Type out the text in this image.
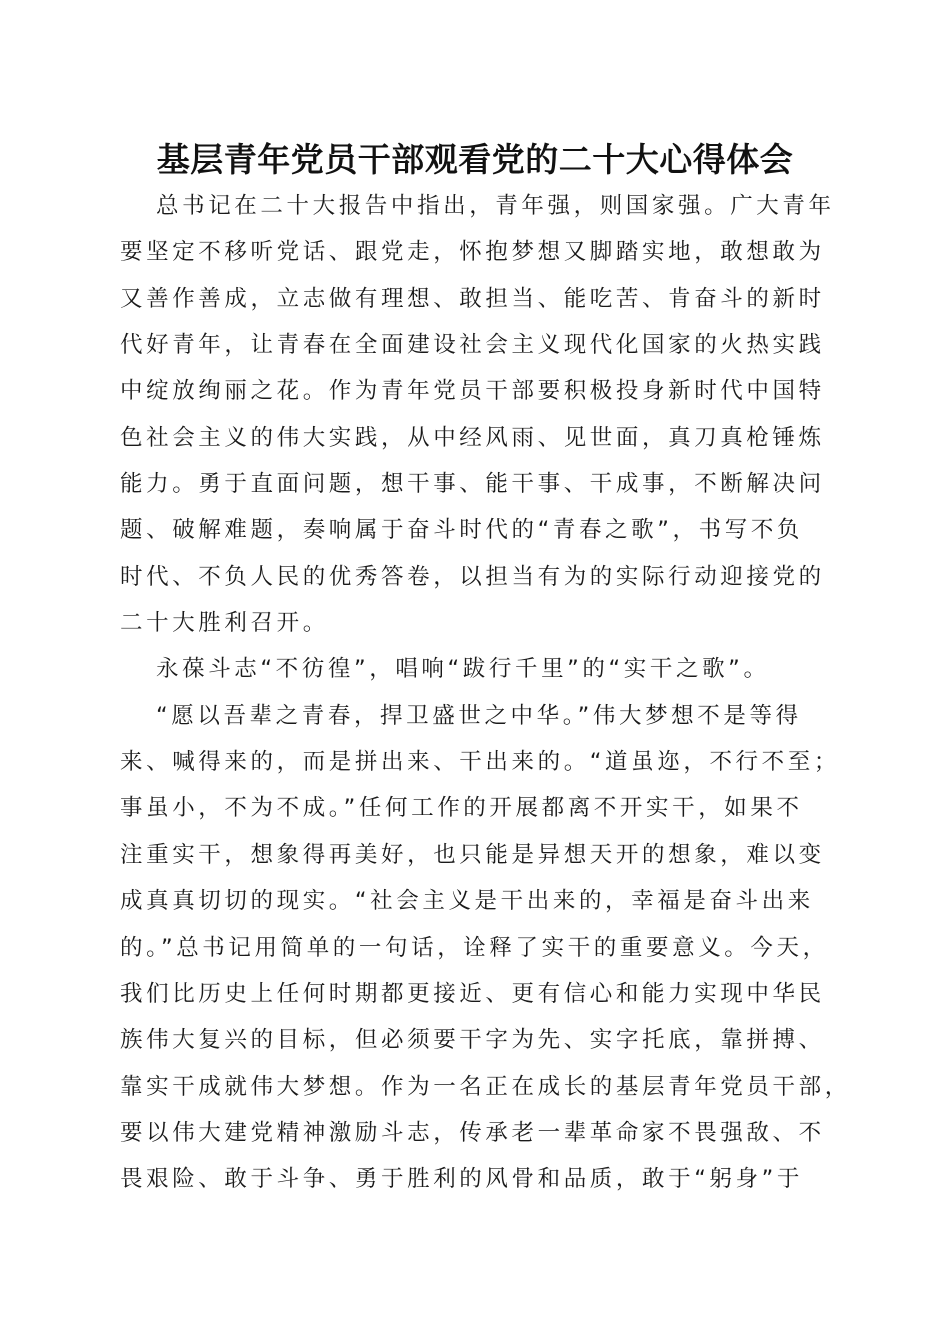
基层青年党员干部观看党的二十大心得体会
总书记在二十大报告中指出，青年强，则国家强。广大青年
要坚定不移听党话、跟党走，怀抱梦想又脚踏实地，敢想敢为
又善作善成，立志做有理想、敢担当、能吃苦、肯奋斗的新时
代好青年，让青春在全面建设社会主义现代化国家的火热实践
中绽放绚丽之花。作为青年党员干部要积极投身新时代中国特
色社会主义的伟大实践，从中经风雨、见世面，真刀真枪锤炼
能力。勇于直面问题，想干事、能干事、干成事，不断解决问
题、破解难题，奏响属于奋斗时代的“青春之歌”，书写不负
时代、不负人民的优秀答卷，以担当有为的实际行动迎接党的
二十大胜利召开。
永葆斗志“不彷徨”，唱响“跋行千里”的“实干之歌”。
“愿以吾辈之青春，捍卫盛世之中华。”伟大梦想不是等得
来、喊得来的，而是拼出来、干出来的。“道虽迩，不行不至；
事虽小，不为不成。”任何工作的开展都离不开实干，如果不
注重实干，想象得再美好，也只能是异想天开的想象，难以变
成真真切切的现实。“社会主义是干出来的，幸福是奋斗出来
的。”总书记用简单的一句话，诠释了实干的重要意义。今天，
我们比历史上任何时期都更接近、更有信心和能力实现中华民
族伟大复兴的目标，但必须要干字为先、实字托底，靠拼搏、
靠实干成就伟大梦想。作为一名正在成长的基层青年党员干部，
要以伟大建党精神激励斗志，传承老一辈革命家不畏强敌、不
畏艰险、敢于斗争、勇于胜利的风骨和品质，敢于“躬身”于
